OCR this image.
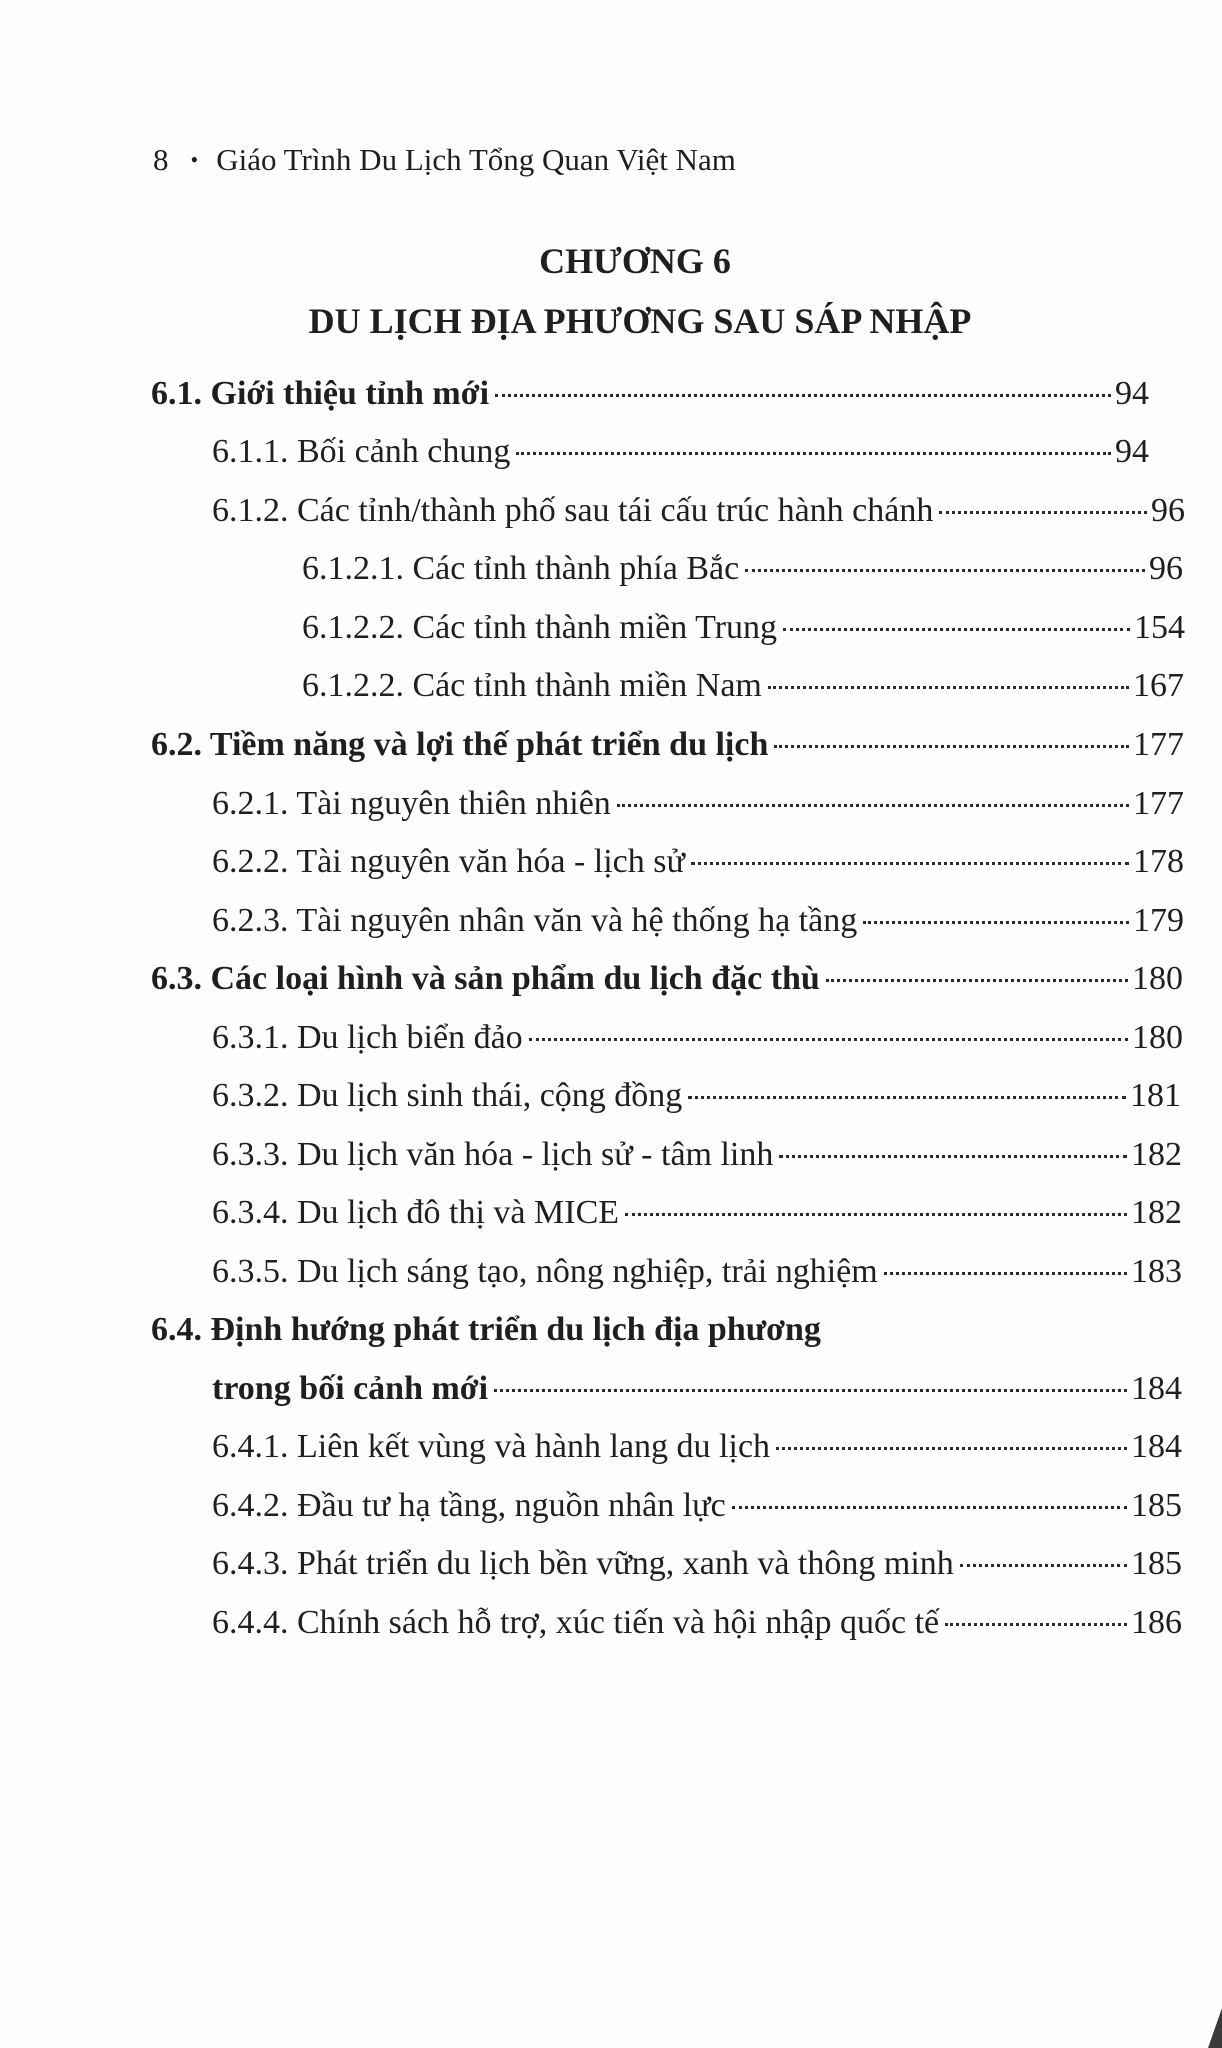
8 • Giáo Trình Du Lịch Tổng Quan Việt Nam
CHƯƠNG 6
DU LỊCH ĐỊA PHƯƠNG SAU SÁP NHẬP
6.1. Giới thiệu tỉnh mới	94
6.1.1. Bối cảnh chung	94
6.1.2. Các tỉnh/thành phố sau tái cấu trúc hành chánh	96
6.1.2.1. Các tỉnh thành phía Bắc	96
6.1.2.2. Các tỉnh thành miền Trung	154
6.1.2.2. Các tỉnh thành miền Nam	167
6.2. Tiềm năng và lợi thế phát triển du lịch	177
6.2.1. Tài nguyên thiên nhiên	177
6.2.2. Tài nguyên văn hóa - lịch sử	178
6.2.3. Tài nguyên nhân văn và hệ thống hạ tầng	179
6.3. Các loại hình và sản phẩm du lịch đặc thù	180
6.3.1. Du lịch biển đảo	180
6.3.2. Du lịch sinh thái, cộng đồng	181
6.3.3. Du lịch văn hóa - lịch sử - tâm linh	182
6.3.4. Du lịch đô thị và MICE	182
6.3.5. Du lịch sáng tạo, nông nghiệp, trải nghiệm	183
6.4. Định hướng phát triển du lịch địa phương
trong bối cảnh mới	184
6.4.1. Liên kết vùng và hành lang du lịch	184
6.4.2. Đầu tư hạ tầng, nguồn nhân lực	185
6.4.3. Phát triển du lịch bền vững, xanh và thông minh	185
6.4.4. Chính sách hỗ trợ, xúc tiến và hội nhập quốc tế	186
